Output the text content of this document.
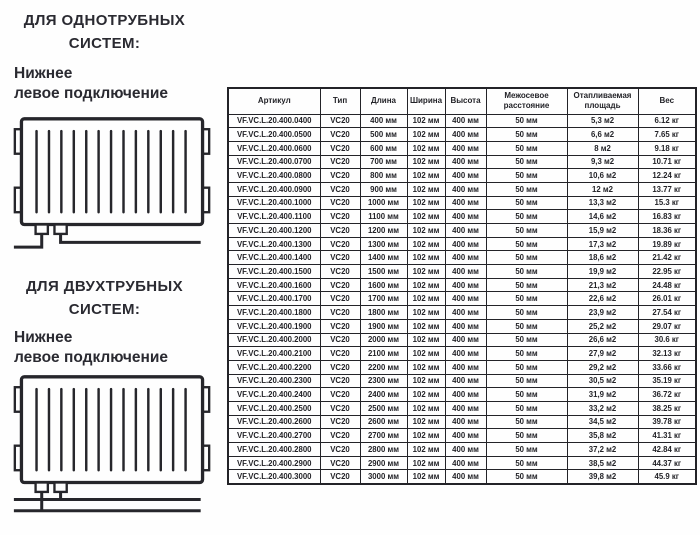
ДЛЯ ОДНОТРУБНЫХ
СИСТЕМ:
Нижнее
левое подключение
ДЛЯ ДВУХТРУБНЫХ
СИСТЕМ:
Нижнее
левое подключение
Артикул	Тип	Длина	Ширина	Высота	Межосевое расстояние	Отапливаемая площадь	Вес
VF.VC.L.20.400.0400	VC20	400 мм	102 мм	400 мм	50 мм	5,3 м2	6.12 кг
VF.VC.L.20.400.0500	VC20	500 мм	102 мм	400 мм	50 мм	6,6 м2	7.65 кг
VF.VC.L.20.400.0600	VC20	600 мм	102 мм	400 мм	50 мм	8 м2	9.18 кг
VF.VC.L.20.400.0700	VC20	700 мм	102 мм	400 мм	50 мм	9,3 м2	10.71 кг
VF.VC.L.20.400.0800	VC20	800 мм	102 мм	400 мм	50 мм	10,6 м2	12.24 кг
VF.VC.L.20.400.0900	VC20	900 мм	102 мм	400 мм	50 мм	12 м2	13.77 кг
VF.VC.L.20.400.1000	VC20	1000 мм	102 мм	400 мм	50 мм	13,3 м2	15.3 кг
VF.VC.L.20.400.1100	VC20	1100 мм	102 мм	400 мм	50 мм	14,6 м2	16.83 кг
VF.VC.L.20.400.1200	VC20	1200 мм	102 мм	400 мм	50 мм	15,9 м2	18.36 кг
VF.VC.L.20.400.1300	VC20	1300 мм	102 мм	400 мм	50 мм	17,3 м2	19.89 кг
VF.VC.L.20.400.1400	VC20	1400 мм	102 мм	400 мм	50 мм	18,6 м2	21.42 кг
VF.VC.L.20.400.1500	VC20	1500 мм	102 мм	400 мм	50 мм	19,9 м2	22.95 кг
VF.VC.L.20.400.1600	VC20	1600 мм	102 мм	400 мм	50 мм	21,3 м2	24.48 кг
VF.VC.L.20.400.1700	VC20	1700 мм	102 мм	400 мм	50 мм	22,6 м2	26.01 кг
VF.VC.L.20.400.1800	VC20	1800 мм	102 мм	400 мм	50 мм	23,9 м2	27.54 кг
VF.VC.L.20.400.1900	VC20	1900 мм	102 мм	400 мм	50 мм	25,2 м2	29.07 кг
VF.VC.L.20.400.2000	VC20	2000 мм	102 мм	400 мм	50 мм	26,6 м2	30.6 кг
VF.VC.L.20.400.2100	VC20	2100 мм	102 мм	400 мм	50 мм	27,9 м2	32.13 кг
VF.VC.L.20.400.2200	VC20	2200 мм	102 мм	400 мм	50 мм	29,2 м2	33.66 кг
VF.VC.L.20.400.2300	VC20	2300 мм	102 мм	400 мм	50 мм	30,5 м2	35.19 кг
VF.VC.L.20.400.2400	VC20	2400 мм	102 мм	400 мм	50 мм	31,9 м2	36.72 кг
VF.VC.L.20.400.2500	VC20	2500 мм	102 мм	400 мм	50 мм	33,2 м2	38.25 кг
VF.VC.L.20.400.2600	VC20	2600 мм	102 мм	400 мм	50 мм	34,5 м2	39.78 кг
VF.VC.L.20.400.2700	VC20	2700 мм	102 мм	400 мм	50 мм	35,8 м2	41.31 кг
VF.VC.L.20.400.2800	VC20	2800 мм	102 мм	400 мм	50 мм	37,2 м2	42.84 кг
VF.VC.L.20.400.2900	VC20	2900 мм	102 мм	400 мм	50 мм	38,5 м2	44.37 кг
VF.VC.L.20.400.3000	VC20	3000 мм	102 мм	400 мм	50 мм	39,8 м2	45.9 кг
